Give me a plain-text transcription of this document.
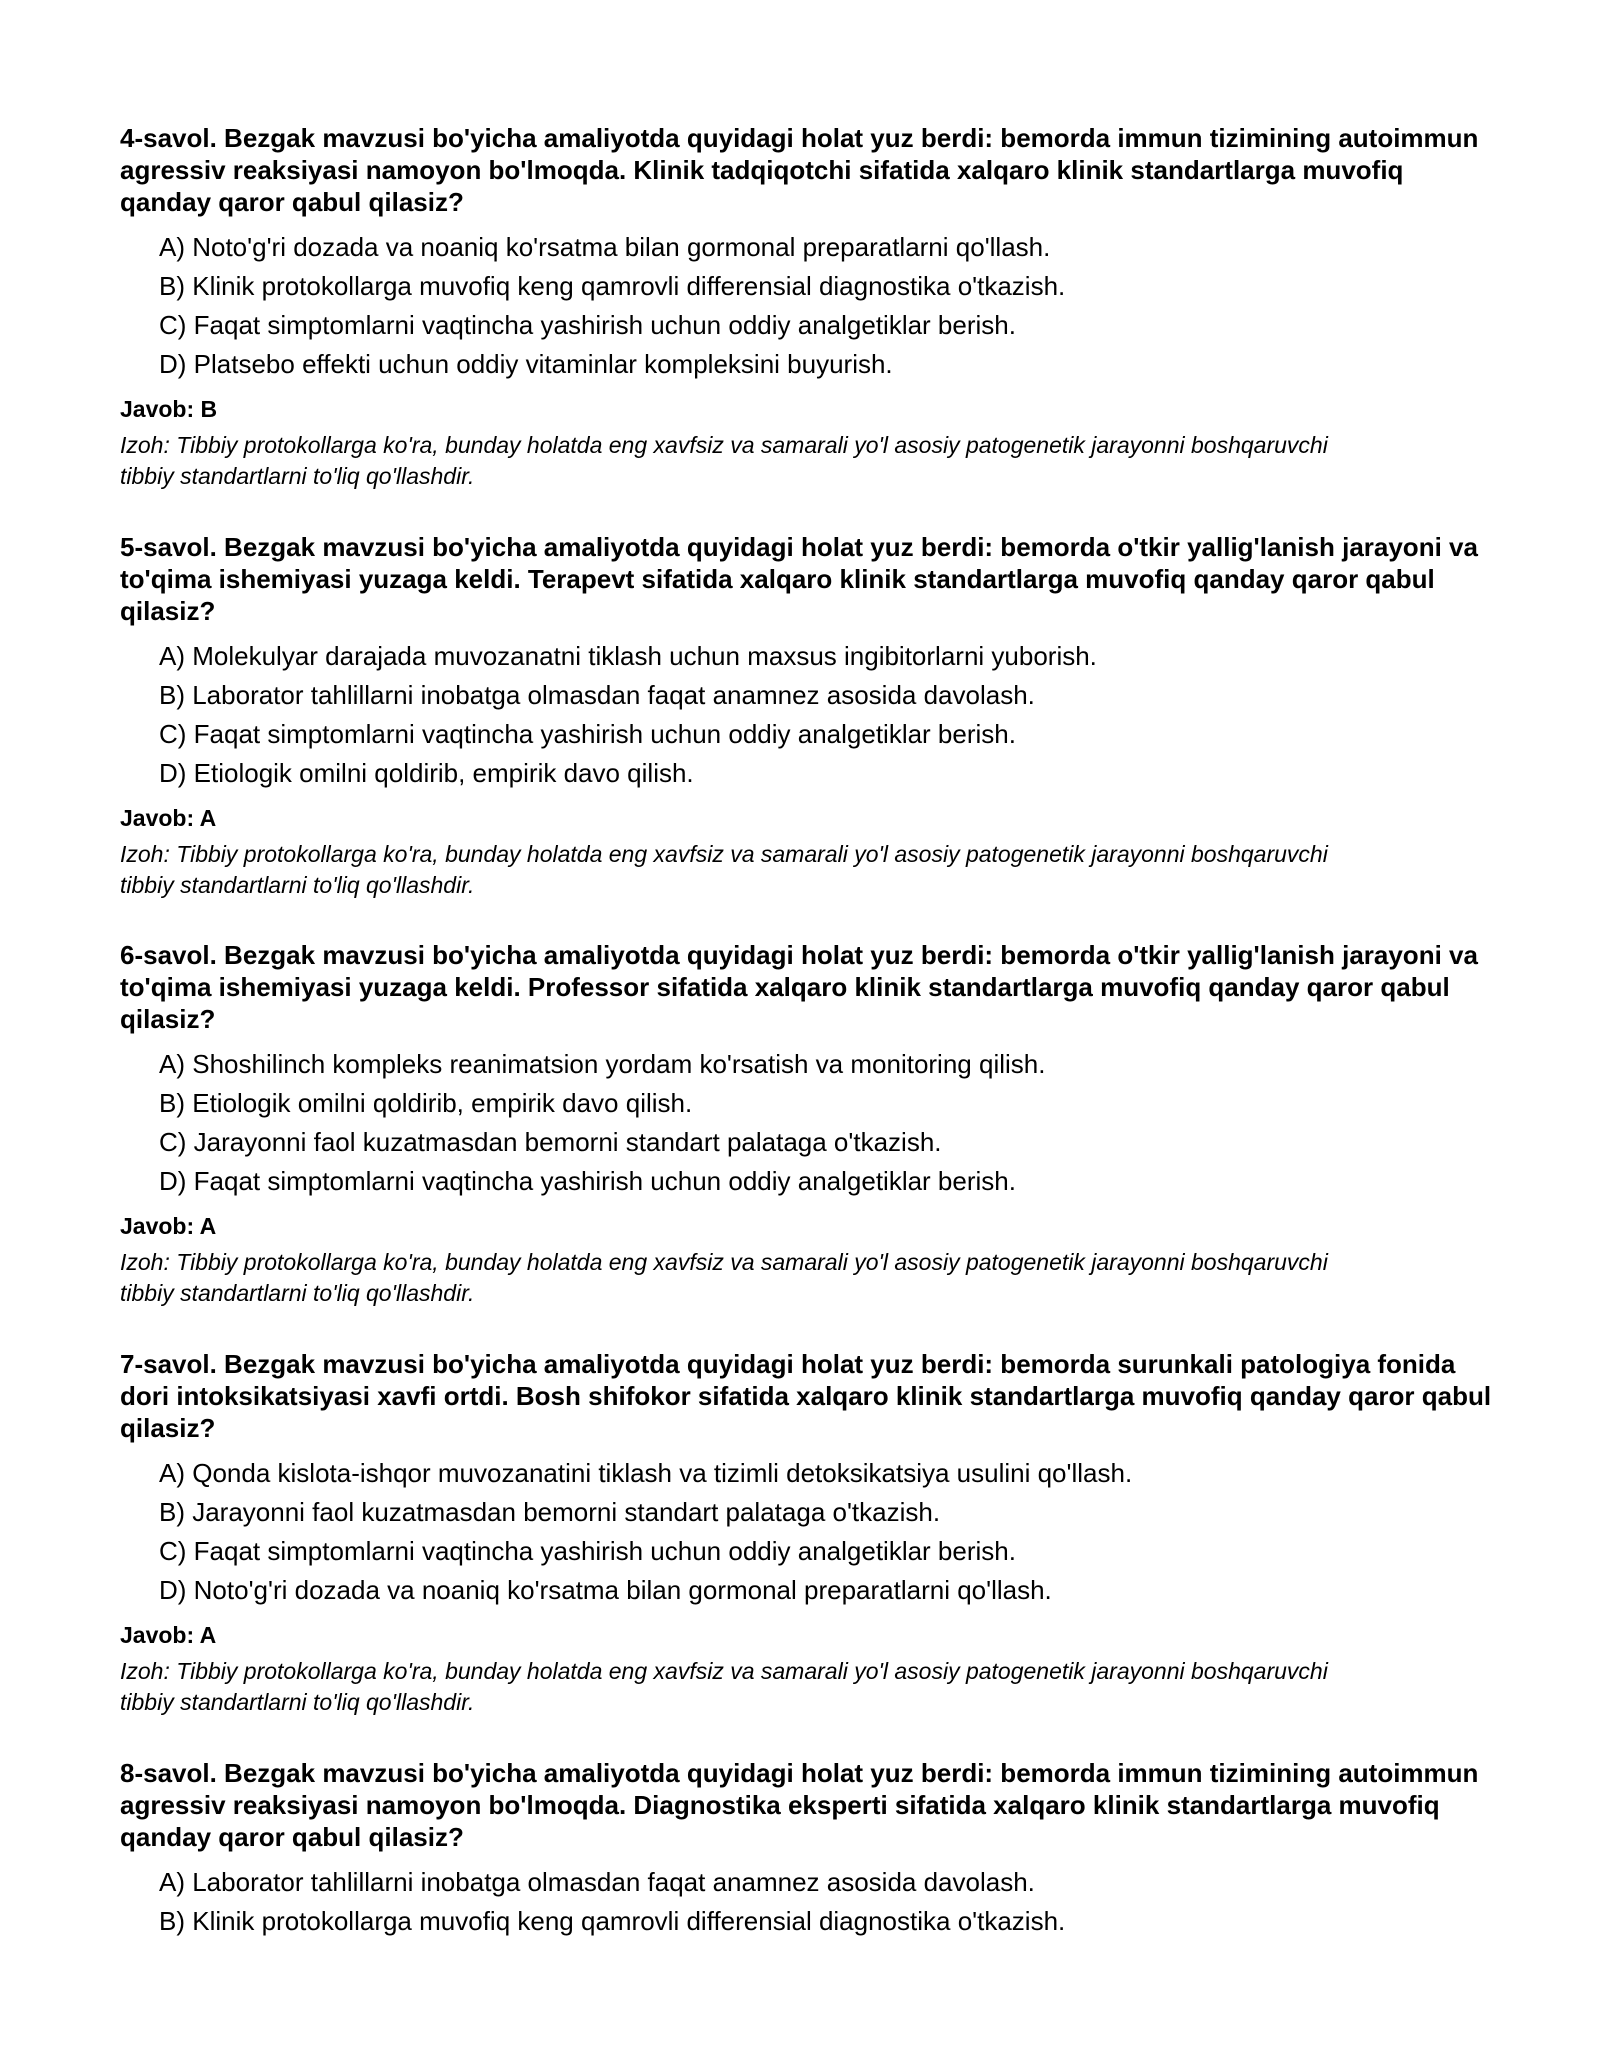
4-savol. Bezgak mavzusi bo'yicha amaliyotda quyidagi holat yuz berdi: bemorda immun tizimining autoimmun agressiv reaksiyasi namoyon bo'lmoqda. Klinik tadqiqotchi sifatida xalqaro klinik standartlarga muvofiq qanday qaror qabul qilasiz?

A) Noto'g'ri dozada va noaniq ko'rsatma bilan gormonal preparatlarni qo'llash.
B) Klinik protokollarga muvofiq keng qamrovli differensial diagnostika o'tkazish.
C) Faqat simptomlarni vaqtincha yashirish uchun oddiy analgetiklar berish.
D) Platsebo effekti uchun oddiy vitaminlar kompleksini buyurish.

Javob: B

Izoh: Tibbiy protokollarga ko'ra, bunday holatda eng xavfsiz va samarali yo'l asosiy patogenetik jarayonni boshqaruvchi tibbiy standartlarni to'liq qo'llashdir.

5-savol. Bezgak mavzusi bo'yicha amaliyotda quyidagi holat yuz berdi: bemorda o'tkir yallig'lanish jarayoni va to'qima ishemiyasi yuzaga keldi. Terapevt sifatida xalqaro klinik standartlarga muvofiq qanday qaror qabul qilasiz?

A) Molekulyar darajada muvozanatni tiklash uchun maxsus ingibitorlarni yuborish.
B) Laborator tahlillarni inobatga olmasdan faqat anamnez asosida davolash.
C) Faqat simptomlarni vaqtincha yashirish uchun oddiy analgetiklar berish.
D) Etiologik omilni qoldirib, empirik davo qilish.

Javob: A

Izoh: Tibbiy protokollarga ko'ra, bunday holatda eng xavfsiz va samarali yo'l asosiy patogenetik jarayonni boshqaruvchi tibbiy standartlarni to'liq qo'llashdir.

6-savol. Bezgak mavzusi bo'yicha amaliyotda quyidagi holat yuz berdi: bemorda o'tkir yallig'lanish jarayoni va to'qima ishemiyasi yuzaga keldi. Professor sifatida xalqaro klinik standartlarga muvofiq qanday qaror qabul qilasiz?

A) Shoshilinch kompleks reanimatsion yordam ko'rsatish va monitoring qilish.
B) Etiologik omilni qoldirib, empirik davo qilish.
C) Jarayonni faol kuzatmasdan bemorni standart palataga o'tkazish.
D) Faqat simptomlarni vaqtincha yashirish uchun oddiy analgetiklar berish.

Javob: A

Izoh: Tibbiy protokollarga ko'ra, bunday holatda eng xavfsiz va samarali yo'l asosiy patogenetik jarayonni boshqaruvchi tibbiy standartlarni to'liq qo'llashdir.

7-savol. Bezgak mavzusi bo'yicha amaliyotda quyidagi holat yuz berdi: bemorda surunkali patologiya fonida dori intoksikatsiyasi xavfi ortdi. Bosh shifokor sifatida xalqaro klinik standartlarga muvofiq qanday qaror qabul qilasiz?

A) Qonda kislota-ishqor muvozanatini tiklash va tizimli detoksikatsiya usulini qo'llash.
B) Jarayonni faol kuzatmasdan bemorni standart palataga o'tkazish.
C) Faqat simptomlarni vaqtincha yashirish uchun oddiy analgetiklar berish.
D) Noto'g'ri dozada va noaniq ko'rsatma bilan gormonal preparatlarni qo'llash.

Javob: A

Izoh: Tibbiy protokollarga ko'ra, bunday holatda eng xavfsiz va samarali yo'l asosiy patogenetik jarayonni boshqaruvchi tibbiy standartlarni to'liq qo'llashdir.

8-savol. Bezgak mavzusi bo'yicha amaliyotda quyidagi holat yuz berdi: bemorda immun tizimining autoimmun agressiv reaksiyasi namoyon bo'lmoqda. Diagnostika eksperti sifatida xalqaro klinik standartlarga muvofiq qanday qaror qabul qilasiz?

A) Laborator tahlillarni inobatga olmasdan faqat anamnez asosida davolash.
B) Klinik protokollarga muvofiq keng qamrovli differensial diagnostika o'tkazish.
